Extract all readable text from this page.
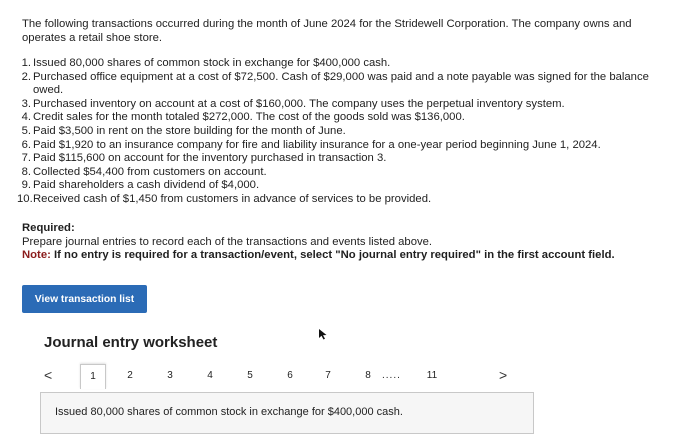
The following transactions occurred during the month of June 2024 for the Stridewell Corporation. The company owns and operates a retail shoe store.
1. Issued 80,000 shares of common stock in exchange for $400,000 cash.
2. Purchased office equipment at a cost of $72,500. Cash of $29,000 was paid and a note payable was signed for the balance owed.
3. Purchased inventory on account at a cost of $160,000. The company uses the perpetual inventory system.
4. Credit sales for the month totaled $272,000. The cost of the goods sold was $136,000.
5. Paid $3,500 in rent on the store building for the month of June.
6. Paid $1,920 to an insurance company for fire and liability insurance for a one-year period beginning June 1, 2024.
7. Paid $115,600 on account for the inventory purchased in transaction 3.
8. Collected $54,400 from customers on account.
9. Paid shareholders a cash dividend of $4,000.
10. Received cash of $1,450 from customers in advance of services to be provided.
Required:
Prepare journal entries to record each of the transactions and events listed above.
Note: If no entry is required for a transaction/event, select "No journal entry required" in the first account field.
View transaction list
Journal entry worksheet
<	1	2	3	4	5	6	7	8	.....	11	>
Issued 80,000 shares of common stock in exchange for $400,000 cash.
